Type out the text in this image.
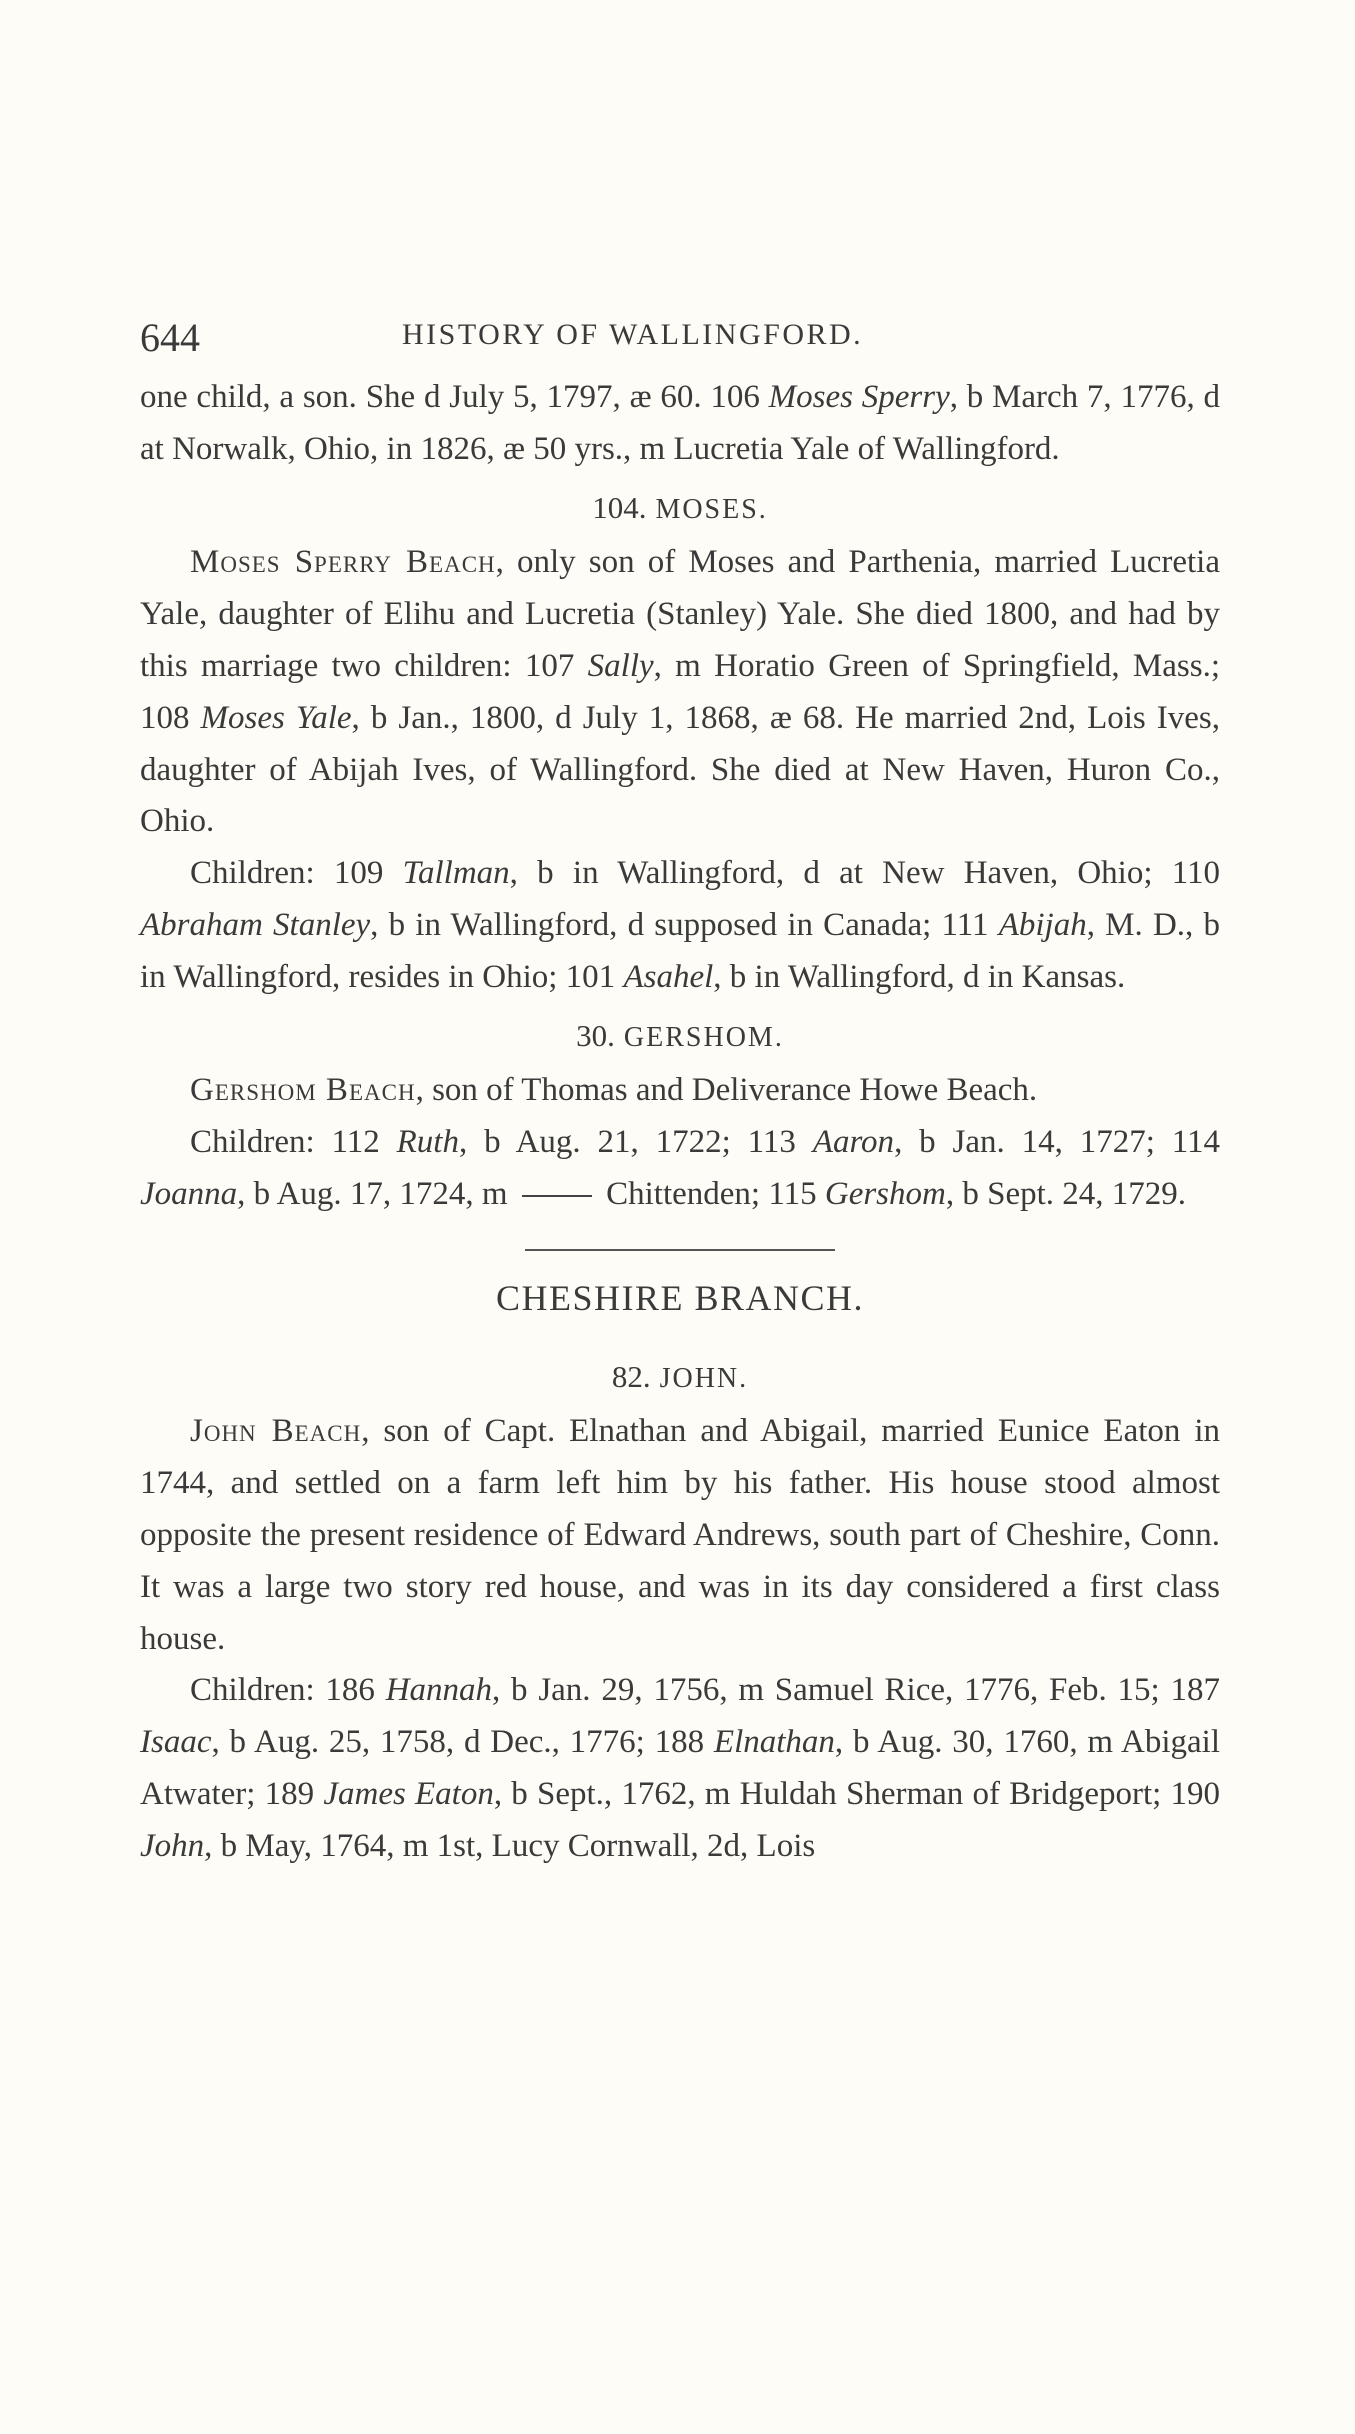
644	HISTORY OF WALLINGFORD.

one child, a son. She d July 5, 1797, æ 60. 106 Moses Sperry, b March 7, 1776, d at Norwalk, Ohio, in 1826, æ 50 yrs., m Lucretia Yale of Wallingford.

104. MOSES.

Moses Sperry Beach, only son of Moses and Parthenia, married Lucretia Yale, daughter of Elihu and Lucretia (Stanley) Yale. She died 1800, and had by this marriage two children: 107 Sally, m Horatio Green of Springfield, Mass.; 108 Moses Yale, b Jan., 1800, d July 1, 1868, æ 68. He married 2nd, Lois Ives, daughter of Abijah Ives, of Wallingford. She died at New Haven, Huron Co., Ohio.

Children: 109 Tallman, b in Wallingford, d at New Haven, Ohio; 110 Abraham Stanley, b in Wallingford, d supposed in Canada; 111 Abijah, M. D., b in Wallingford, resides in Ohio; 101 Asahel, b in Wallingford, d in Kansas.

30. GERSHOM.

Gershom Beach, son of Thomas and Deliverance Howe Beach.

Children: 112 Ruth, b Aug. 21, 1722; 113 Aaron, b Jan. 14, 1727; 114 Joanna, b Aug. 17, 1724, m  Chittenden; 115 Gershom, b Sept. 24, 1729.

CHESHIRE BRANCH.
82. JOHN.

John Beach, son of Capt. Elnathan and Abigail, married Eunice Eaton in 1744, and settled on a farm left him by his father. His house stood almost opposite the present residence of Edward Andrews, south part of Cheshire, Conn. It was a large two story red house, and was in its day considered a first class house.

Children: 186 Hannah, b Jan. 29, 1756, m Samuel Rice, 1776, Feb. 15; 187 Isaac, b Aug. 25, 1758, d Dec., 1776; 188 Elnathan, b Aug. 30, 1760, m Abigail Atwater; 189 James Eaton, b Sept., 1762, m Huldah Sherman of Bridgeport; 190 John, b May, 1764, m 1st, Lucy Cornwall, 2d, Lois
